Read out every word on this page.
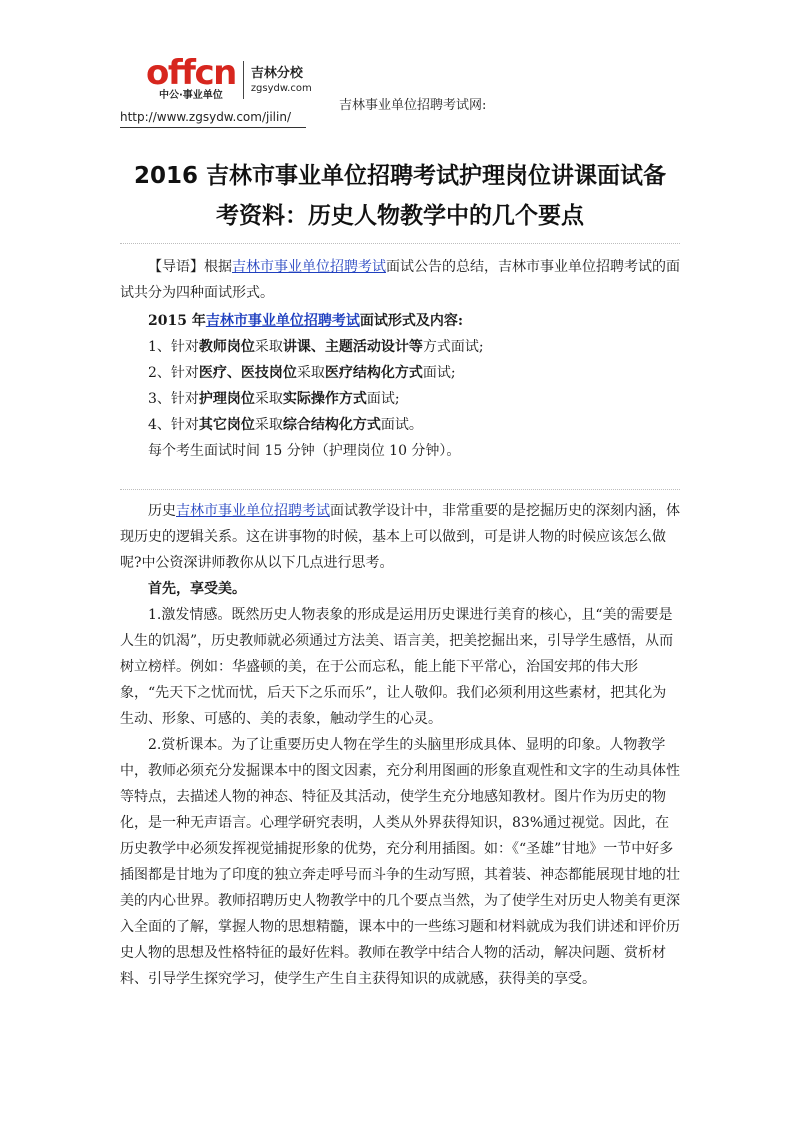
offcn
中公·事业单位
吉林分校
zgsydw.com
吉林事业单位招聘考试网:
http://www.zgsydw.com/jilin/
2016 吉林市事业单位招聘考试护理岗位讲课面试备
考资料：历史人物教学中的几个要点

【导语】根据吉林市事业单位招聘考试面试公告的总结，吉林市事业单位招聘考试的面试共分为四种面试形式。

2015 年吉林市事业单位招聘考试面试形式及内容:

1、针对教师岗位采取讲课、主题活动设计等方式面试;

2、针对医疗、医技岗位采取医疗结构化方式面试;

3、针对护理岗位采取实际操作方式面试;

4、针对其它岗位采取综合结构化方式面试。

每个考生面试时间 15 分钟（护理岗位 10 分钟）。

历史吉林市事业单位招聘考试面试教学设计中，非常重要的是挖掘历史的深刻内涵，体现历史的逻辑关系。这在讲事物的时候，基本上可以做到，可是讲人物的时候应该怎么做呢?中公资深讲师教你从以下几点进行思考。

首先，享受美。

1.激发情感。既然历史人物表象的形成是运用历史课进行美育的核心，且“美的需要是人生的饥渴”，历史教师就必须通过方法美、语言美，把美挖掘出来，引导学生感悟，从而树立榜样。例如：华盛顿的美，在于公而忘私，能上能下平常心，治国安邦的伟大形象，“先天下之忧而忧，后天下之乐而乐”，让人敬仰。我们必须利用这些素材，把其化为生动、形象、可感的、美的表象，触动学生的心灵。

2.赏析课本。为了让重要历史人物在学生的头脑里形成具体、显明的印象。人物教学中，教师必须充分发掘课本中的图文因素，充分利用图画的形象直观性和文字的生动具体性等特点，去描述人物的神态、特征及其活动，使学生充分地感知教材。图片作为历史的物化，是一种无声语言。心理学研究表明，人类从外界获得知识，83%通过视觉。因此，在历史教学中必须发挥视觉捕捉形象的优势，充分利用插图。如：《“圣雄”甘地》一节中好多插图都是甘地为了印度的独立奔走呼号而斗争的生动写照，其着装、神态都能展现甘地的壮美的内心世界。教师招聘历史人物教学中的几个要点当然，为了使学生对历史人物美有更深入全面的了解，掌握人物的思想精髓，课本中的一些练习题和材料就成为我们讲述和评价历史人物的思想及性格特征的最好佐料。教师在教学中结合人物的活动，解决问题、赏析材料、引导学生探究学习，使学生产生自主获得知识的成就感，获得美的享受。
